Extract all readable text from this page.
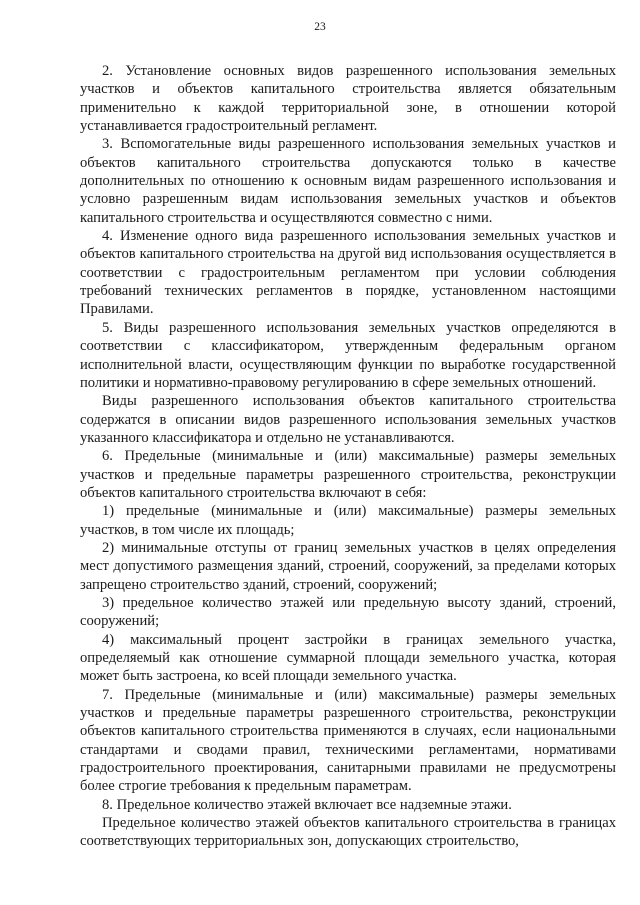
23

2. Установление основных видов разрешенного использования земельных участков и объектов капитального строительства является обязательным применительно к каждой территориальной зоне, в отношении которой устанавливается градостроительный регламент.

3. Вспомогательные виды разрешенного использования земельных участков и объектов капитального строительства допускаются только в качестве дополнительных по отношению к основным видам разрешенного использования и условно разрешенным видам использования земельных участков и объектов капитального строительства и осуществляются совместно с ними.

4. Изменение одного вида разрешенного использования земельных участков и объектов капитального строительства на другой вид использования осуществляется в соответствии с градостроительным регламентом при условии соблюдения требований технических регламентов в порядке, установленном настоящими Правилами.

5. Виды разрешенного использования земельных участков определяются в соответствии с классификатором, утвержденным федеральным органом исполнительной власти, осуществляющим функции по выработке государственной политики и нормативно-правовому регулированию в сфере земельных отношений.

Виды разрешенного использования объектов капитального строительства содержатся в описании видов разрешенного использования земельных участков указанного классификатора и отдельно не устанавливаются.

6. Предельные (минимальные и (или) максимальные) размеры земельных участков и предельные параметры разрешенного строительства, реконструкции объектов капитального строительства включают в себя:

1) предельные (минимальные и (или) максимальные) размеры земельных участков, в том числе их площадь;

2) минимальные отступы от границ земельных участков в целях определения мест допустимого размещения зданий, строений, сооружений, за пределами которых запрещено строительство зданий, строений, сооружений;

3) предельное количество этажей или предельную высоту зданий, строений, сооружений;

4) максимальный процент застройки в границах земельного участка, определяемый как отношение суммарной площади земельного участка, которая может быть застроена, ко всей площади земельного участка.

7. Предельные (минимальные и (или) максимальные) размеры земельных участков и предельные параметры разрешенного строительства, реконструкции объектов капитального строительства применяются в случаях, если национальными стандартами и сводами правил, техническими регламентами, нормативами градостроительного проектирования, санитарными правилами не предусмотрены более строгие требования к предельным параметрам.

8. Предельное количество этажей включает все надземные этажи.

Предельное количество этажей объектов капитального строительства в границах соответствующих территориальных зон, допускающих строительство,
